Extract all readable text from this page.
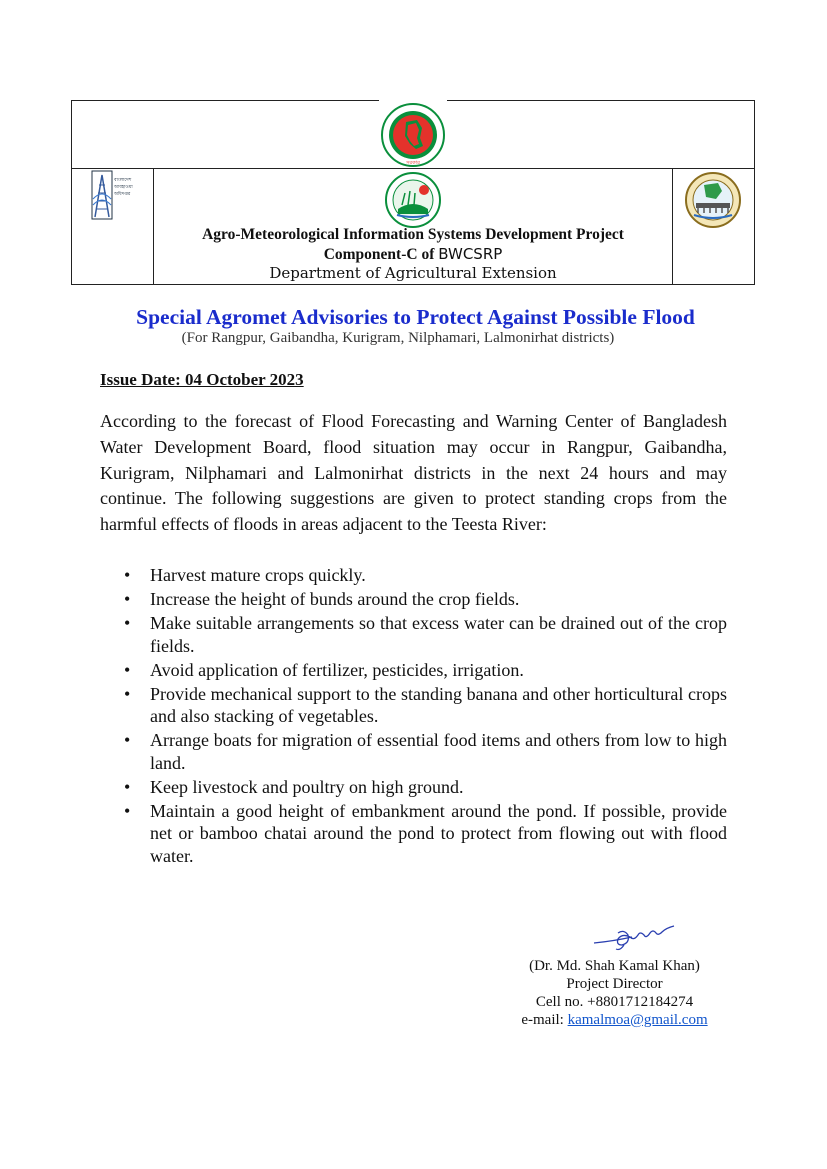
সরকার
বাংলাদেশ
আবহাওয়া
অধিদপ্তর
Agro-Meteorological Information Systems Development Project
Component-C of BWCSRP
Department of Agricultural Extension
Special Agromet Advisories to Protect Against Possible Flood
(For Rangpur, Gaibandha, Kurigram, Nilphamari, Lalmonirhat districts)
Issue Date: 04 October 2023

According to the forecast of Flood Forecasting and Warning Center of Bangladesh Water Development Board, flood situation may occur in Rangpur, Gaibandha, Kurigram, Nilphamari and Lalmonirhat districts in the next 24 hours and may continue. The following suggestions are given to protect standing crops from the harmful effects of floods in areas adjacent to the Teesta River:

• Harvest mature crops quickly.
• Increase the height of bunds around the crop fields.
• Make suitable arrangements so that excess water can be drained out of the crop fields.
• Avoid application of fertilizer, pesticides, irrigation.
• Provide mechanical support to the standing banana and other horticultural crops and also stacking of vegetables.
• Arrange boats for migration of essential food items and others from low to high land.
• Keep livestock and poultry on high ground.
• Maintain a good height of embankment around the pond. If possible, provide net or bamboo chatai around the pond to protect from flowing out with flood water.
(Dr. Md. Shah Kamal Khan)
Project Director
Cell no. +8801712184274
e-mail: kamalmoa@gmail.com
